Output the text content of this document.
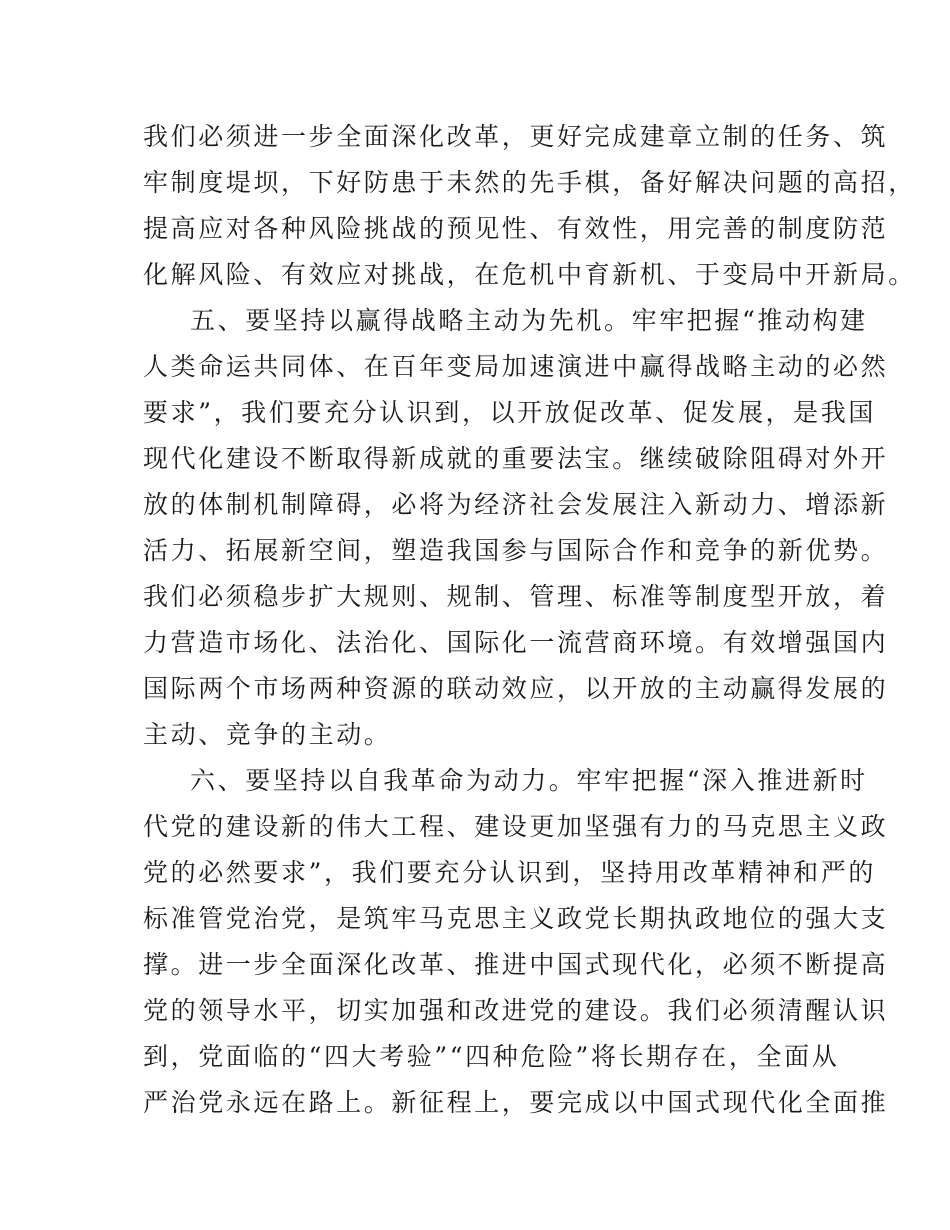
我们必须进一步全面深化改革，更好完成建章立制的任务、筑
牢制度堤坝，下好防患于未然的先手棋，备好解决问题的高招，
提高应对各种风险挑战的预见性、有效性，用完善的制度防范
化解风险、有效应对挑战，在危机中育新机、于变局中开新局。
五、要坚持以赢得战略主动为先机。牢牢把握“推动构建
人类命运共同体、在百年变局加速演进中赢得战略主动的必然
要求”，我们要充分认识到，以开放促改革、促发展，是我国
现代化建设不断取得新成就的重要法宝。继续破除阻碍对外开
放的体制机制障碍，必将为经济社会发展注入新动力、增添新
活力、拓展新空间，塑造我国参与国际合作和竞争的新优势。
我们必须稳步扩大规则、规制、管理、标准等制度型开放，着
力营造市场化、法治化、国际化一流营商环境。有效增强国内
国际两个市场两种资源的联动效应，以开放的主动赢得发展的
主动、竞争的主动。
六、要坚持以自我革命为动力。牢牢把握“深入推进新时
代党的建设新的伟大工程、建设更加坚强有力的马克思主义政
党的必然要求”，我们要充分认识到，坚持用改革精神和严的
标准管党治党，是筑牢马克思主义政党长期执政地位的强大支
撑。进一步全面深化改革、推进中国式现代化，必须不断提高
党的领导水平，切实加强和改进党的建设。我们必须清醒认识
到，党面临的“四大考验”“四种危险”将长期存在，全面从
严治党永远在路上。新征程上，要完成以中国式现代化全面推
